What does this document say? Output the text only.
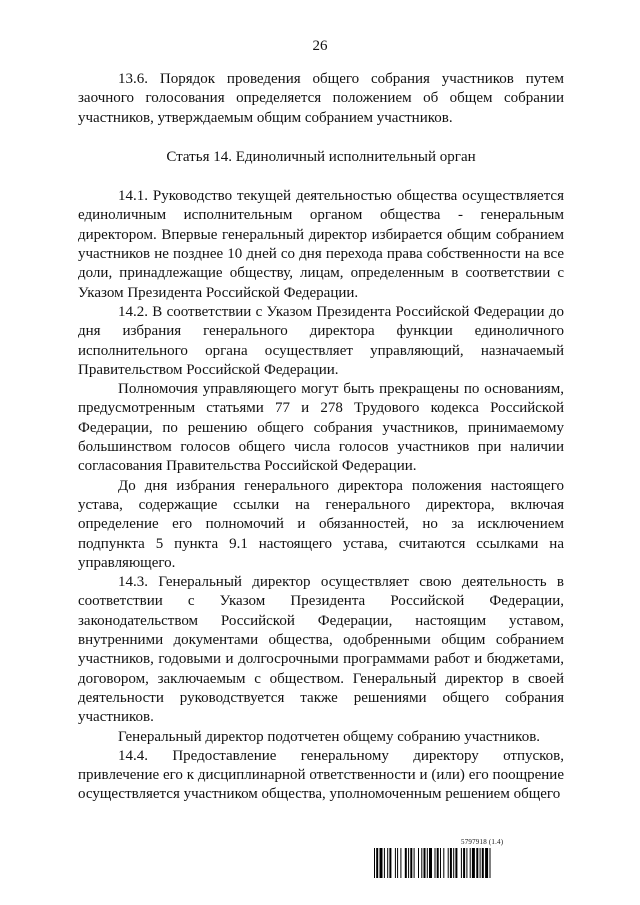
26

13.6. Порядок проведения общего собрания участников путем заочного голосования определяется положением об общем собрании участников, утверждаемым общим собранием участников.

Статья 14. Единоличный исполнительный орган

14.1. Руководство текущей деятельностью общества осуществляется единоличным исполнительным органом общества - генеральным директором. Впервые генеральный директор избирается общим собранием участников не позднее 10 дней со дня перехода права собственности на все доли, принадлежащие обществу, лицам, определенным в соответствии с Указом Президента Российской Федерации.

14.2. В соответствии с Указом Президента Российской Федерации до дня избрания генерального директора функции единоличного исполнительного органа осуществляет управляющий, назначаемый Правительством Российской Федерации.

Полномочия управляющего могут быть прекращены по основаниям, предусмотренным статьями 77 и 278 Трудового кодекса Российской Федерации, по решению общего собрания участников, принимаемому большинством голосов общего числа голосов участников при наличии согласования Правительства Российской Федерации.

До дня избрания генерального директора положения настоящего устава, содержащие ссылки на генерального директора, включая определение его полномочий и обязанностей, но за исключением подпункта 5 пункта 9.1 настоящего устава, считаются ссылками на управляющего.

14.3. Генеральный директор осуществляет свою деятельность в соответствии с Указом Президента Российской Федерации, законодательством Российской Федерации, настоящим уставом, внутренними документами общества, одобренными общим собранием участников, годовыми и долгосрочными программами работ и бюджетами, договором, заключаемым с обществом. Генеральный директор в своей деятельности руководствуется также решениями общего собрания участников.

Генеральный директор подотчетен общему собранию участников.

14.4. Предоставление генеральному директору отпусков, привлечение его к дисциплинарной ответственности и (или) его поощрение осуществляется участником общества, уполномоченным решением общего

5797918 (1.4)
